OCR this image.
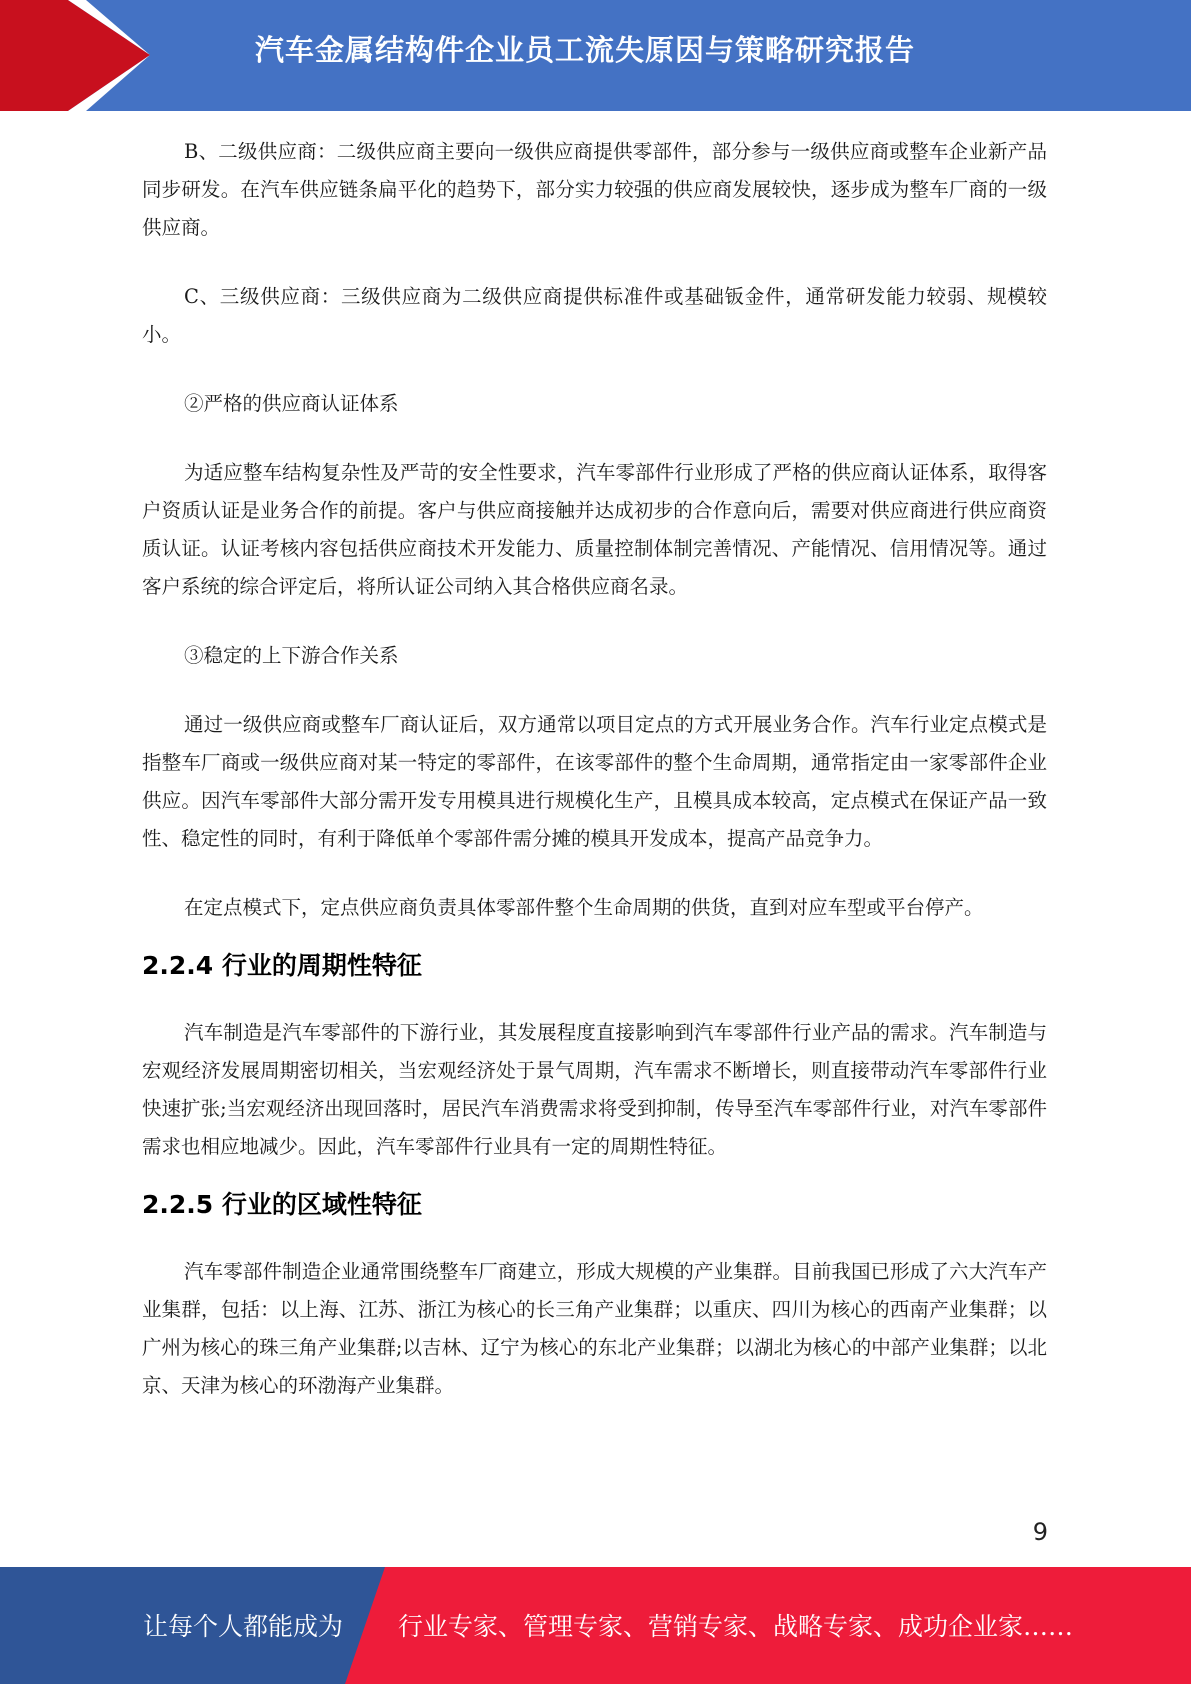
汽车金属结构件企业员工流失原因与策略研究报告

B、二级供应商：二级供应商主要向一级供应商提供零部件，部分参与一级供应商或整车企业新产品同步研发。在汽车供应链条扁平化的趋势下，部分实力较强的供应商发展较快，逐步成为整车厂商的一级供应商。

C、三级供应商：三级供应商为二级供应商提供标准件或基础钣金件，通常研发能力较弱、规模较小。

②严格的供应商认证体系

为适应整车结构复杂性及严苛的安全性要求，汽车零部件行业形成了严格的供应商认证体系，取得客户资质认证是业务合作的前提。客户与供应商接触并达成初步的合作意向后，需要对供应商进行供应商资质认证。认证考核内容包括供应商技术开发能力、质量控制体制完善情况、产能情况、信用情况等。通过客户系统的综合评定后，将所认证公司纳入其合格供应商名录。

③稳定的上下游合作关系

通过一级供应商或整车厂商认证后，双方通常以项目定点的方式开展业务合作。汽车行业定点模式是指整车厂商或一级供应商对某一特定的零部件，在该零部件的整个生命周期，通常指定由一家零部件企业供应。因汽车零部件大部分需开发专用模具进行规模化生产，且模具成本较高，定点模式在保证产品一致性、稳定性的同时，有利于降低单个零部件需分摊的模具开发成本，提高产品竞争力。

在定点模式下，定点供应商负责具体零部件整个生命周期的供货，直到对应车型或平台停产。

2.2.4 行业的周期性特征

汽车制造是汽车零部件的下游行业，其发展程度直接影响到汽车零部件行业产品的需求。汽车制造与宏观经济发展周期密切相关，当宏观经济处于景气周期，汽车需求不断增长，则直接带动汽车零部件行业快速扩张;当宏观经济出现回落时，居民汽车消费需求将受到抑制，传导至汽车零部件行业，对汽车零部件需求也相应地减少。因此，汽车零部件行业具有一定的周期性特征。

2.2.5 行业的区域性特征

汽车零部件制造企业通常围绕整车厂商建立，形成大规模的产业集群。目前我国已形成了六大汽车产业集群，包括：以上海、江苏、浙江为核心的长三角产业集群；以重庆、四川为核心的西南产业集群；以广州为核心的珠三角产业集群;以吉林、辽宁为核心的东北产业集群；以湖北为核心的中部产业集群；以北京、天津为核心的环渤海产业集群。

9
让每个人都能成为 行业专家、管理专家、营销专家、战略专家、成功企业家……
